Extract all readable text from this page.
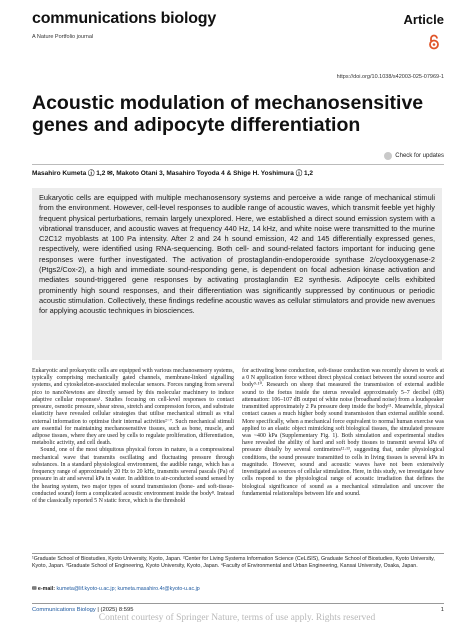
communications biology
A Nature Portfolio journal
Article
https://doi.org/10.1038/s42003-025-07969-1
Acoustic modulation of mechanosensitive genes and adipocyte differentiation
Check for updates
Masahiro Kumeta ⓘ 1,2 ✉, Makoto Otani 3, Masahiro Toyoda 4 & Shige H. Yoshimura ⓘ 1,2
Eukaryotic cells are equipped with multiple mechanosensory systems and perceive a wide range of mechanical stimuli from the environment. However, cell-level responses to audible range of acoustic waves, which transmit feeble yet highly frequent physical perturbations, remain largely unexplored. Here, we established a direct sound emission system with a vibrational transducer, and acoustic waves at frequency 440 Hz, 14 kHz, and white noise were transmitted to the murine C2C12 myoblasts at 100 Pa intensity. After 2 and 24 h sound emission, 42 and 145 differentially expressed genes, respectively, were identified using RNA-sequencing. Both cell- and sound-related factors important for inducing gene responses were further investigated. The activation of prostaglandin-endoperoxide synthase 2/cyclooxygenase-2 (Ptgs2/Cox-2), a high and immediate sound-responding gene, is dependent on focal adhesion kinase activation and mediates sound-triggered gene responses by activating prostaglandin E2 synthesis. Adipocyte cells exhibited prominently high sound responses, and their differentiation was significantly suppressed by continuous or periodic acoustic stimulation. Collectively, these findings redefine acoustic waves as cellular stimulators and provide new avenues for applying acoustic techniques in biosciences.
Eukaryotic and prokaryotic cells are equipped with various mechanosensory systems, typically comprising mechanically gated channels, membrane-linked signalling systems, and cytoskeleton-associated molecular sensors. Forces ranging from several pico to nanoNewtons are directly sensed by this molecular machinery to induce adaptive cellular responses¹. Studies focusing on cell-level responses to contact pressure, osmotic pressure, shear stress, stretch and compression forces, and substrate elasticity have revealed cellular strategies that utilise mechanical stimuli as vital external information to optimise their internal activities²⁻⁷. Such mechanical stimuli are essential for maintaining mechanosensitive tissues, such as bone, muscle, and adipose tissues, where they are used by cells to regulate proliferation, differentiation, metabolic activity, and cell death.
Sound, one of the most ubiquitous physical forces in nature, is a compressional mechanical wave that transmits oscillating and fluctuating pressure through substances. In a standard physiological environment, the audible range, which has a frequency range of approximately 20 Hz to 20 kHz, transmits several pascals (Pa) of pressure in air and several kPa in water. In addition to air-conducted sound sensed by the hearing system, two major types of sound transmission (bone- and soft-tissue-conducted sound) form a complicated acoustic environment inside the body⁸. Instead of the classically reported 5 N static force, which is the threshold
for activating bone conduction, soft-tissue conduction was recently shown to work at a 0 N application force without direct physical contact between the sound source and body⁹·¹⁰. Research on sheep that measured the transmission of external audible sound to the foetus inside the uterus revealed approximately 5–7 decibel (dB) attenuation: 106–107 dB output of white noise (broadband noise) from a loudspeaker transmitted approximately 2 Pa pressure deep inside the body¹¹. Meanwhile, physical contact causes a much higher body sound transmission than external audible sound. More specifically, when a mechanical force equivalent to normal human exercise was applied to an elastic object mimicking soft biological tissues, the simulated pressure was ~400 kPa (Supplementary Fig. 1). Both simulation and experimental studies have revealed the ability of hard and soft body tissues to transmit several kPa of pressure distally by several centimetres¹²·¹³, suggesting that, under physiological conditions, the sound pressure transmitted to cells in living tissues is several kPa in magnitude. However, sound and acoustic waves have not been extensively investigated as sources of cellular stimulation. Here, in this study, we investigate how cells respond to the physiological range of acoustic irradiation that defines the biological significance of sound as a mechanical stimulation and uncover the fundamental relationships between life and sound.
¹Graduate School of Biostudies, Kyoto University, Kyoto, Japan. ²Center for Living Systems Information Science (CeLiSIS), Graduate School of Biostudies, Kyoto University, Kyoto, Japan. ³Graduate School of Engineering, Kyoto University, Kyoto, Japan. ⁴Faculty of Environmental and Urban Engineering, Kansai University, Osaka, Japan.
✉ e-mail: kumeta@lif.kyoto-u.ac.jp; kumeta.masahiro.4r@kyoto-u.ac.jp
Communications Biology | (2025) 8:595	1
Content courtesy of Springer Nature, terms of use apply. Rights reserved
